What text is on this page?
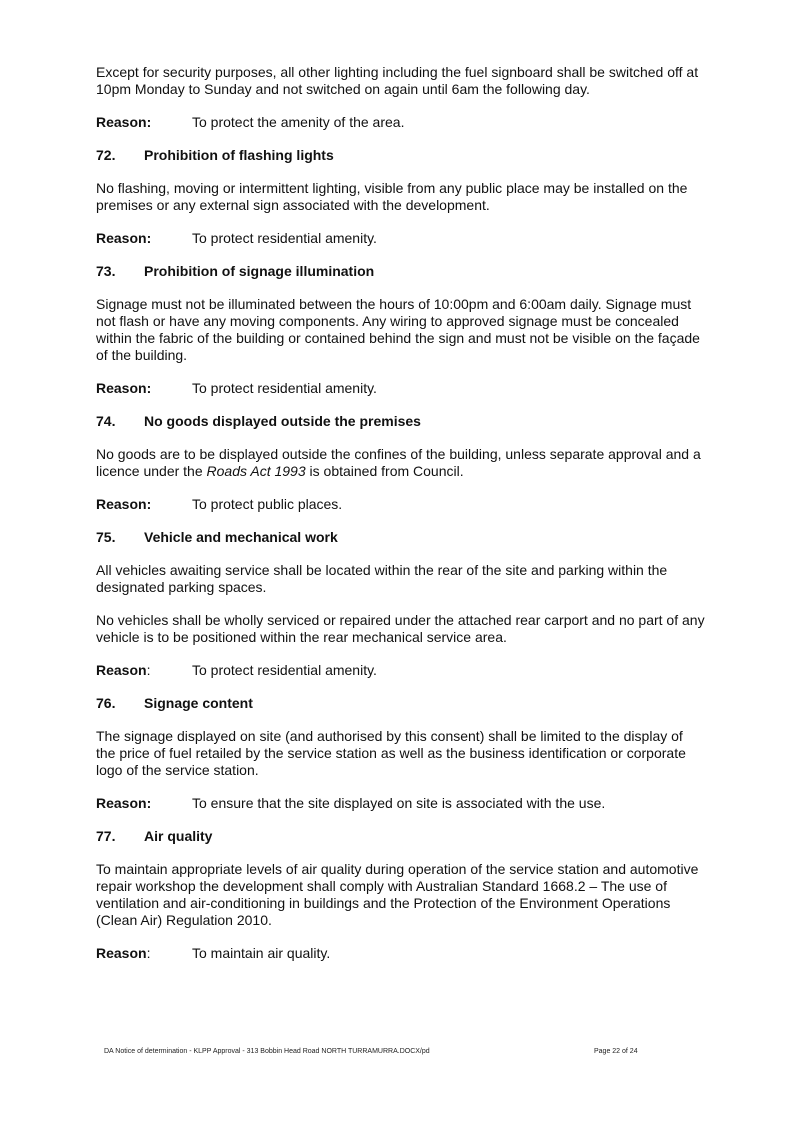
Except for security purposes, all other lighting including the fuel signboard shall be switched off at 10pm Monday to Sunday and not switched on again until 6am the following day.

Reason:	To protect the amenity of the area.
72.	Prohibition of flashing lights

No flashing, moving or intermittent lighting, visible from any public place may be installed on the premises or any external sign associated with the development.

Reason:	To protect residential amenity.
73.	Prohibition of signage illumination

Signage must not be illuminated between the hours of 10:00pm and 6:00am daily. Signage must not flash or have any moving components. Any wiring to approved signage must be concealed within the fabric of the building or contained behind the sign and must not be visible on the façade of the building.

Reason:	To protect residential amenity.
74.	No goods displayed outside the premises

No goods are to be displayed outside the confines of the building, unless separate approval and a licence under the Roads Act 1993 is obtained from Council.

Reason:	To protect public places.
75.	Vehicle and mechanical work

All vehicles awaiting service shall be located within the rear of the site and parking within the designated parking spaces.

No vehicles shall be wholly serviced or repaired under the attached rear carport and no part of any vehicle is to be positioned within the rear mechanical service area.

Reason:	To protect residential amenity.
76.	Signage content

The signage displayed on site (and authorised by this consent) shall be limited to the display of the price of fuel retailed by the service station as well as the business identification or corporate logo of the service station.

Reason:	To ensure that the site displayed on site is associated with the use.
77.	Air quality

To maintain appropriate levels of air quality during operation of the service station and automotive repair workshop the development shall comply with Australian Standard 1668.2 – The use of ventilation and air-conditioning in buildings and the Protection of the Environment Operations (Clean Air) Regulation 2010.

Reason:	To maintain air quality.
DA Notice of determination - KLPP Approval - 313 Bobbin Head Road NORTH TURRAMURRA.DOCX/pd	Page 22 of 24
